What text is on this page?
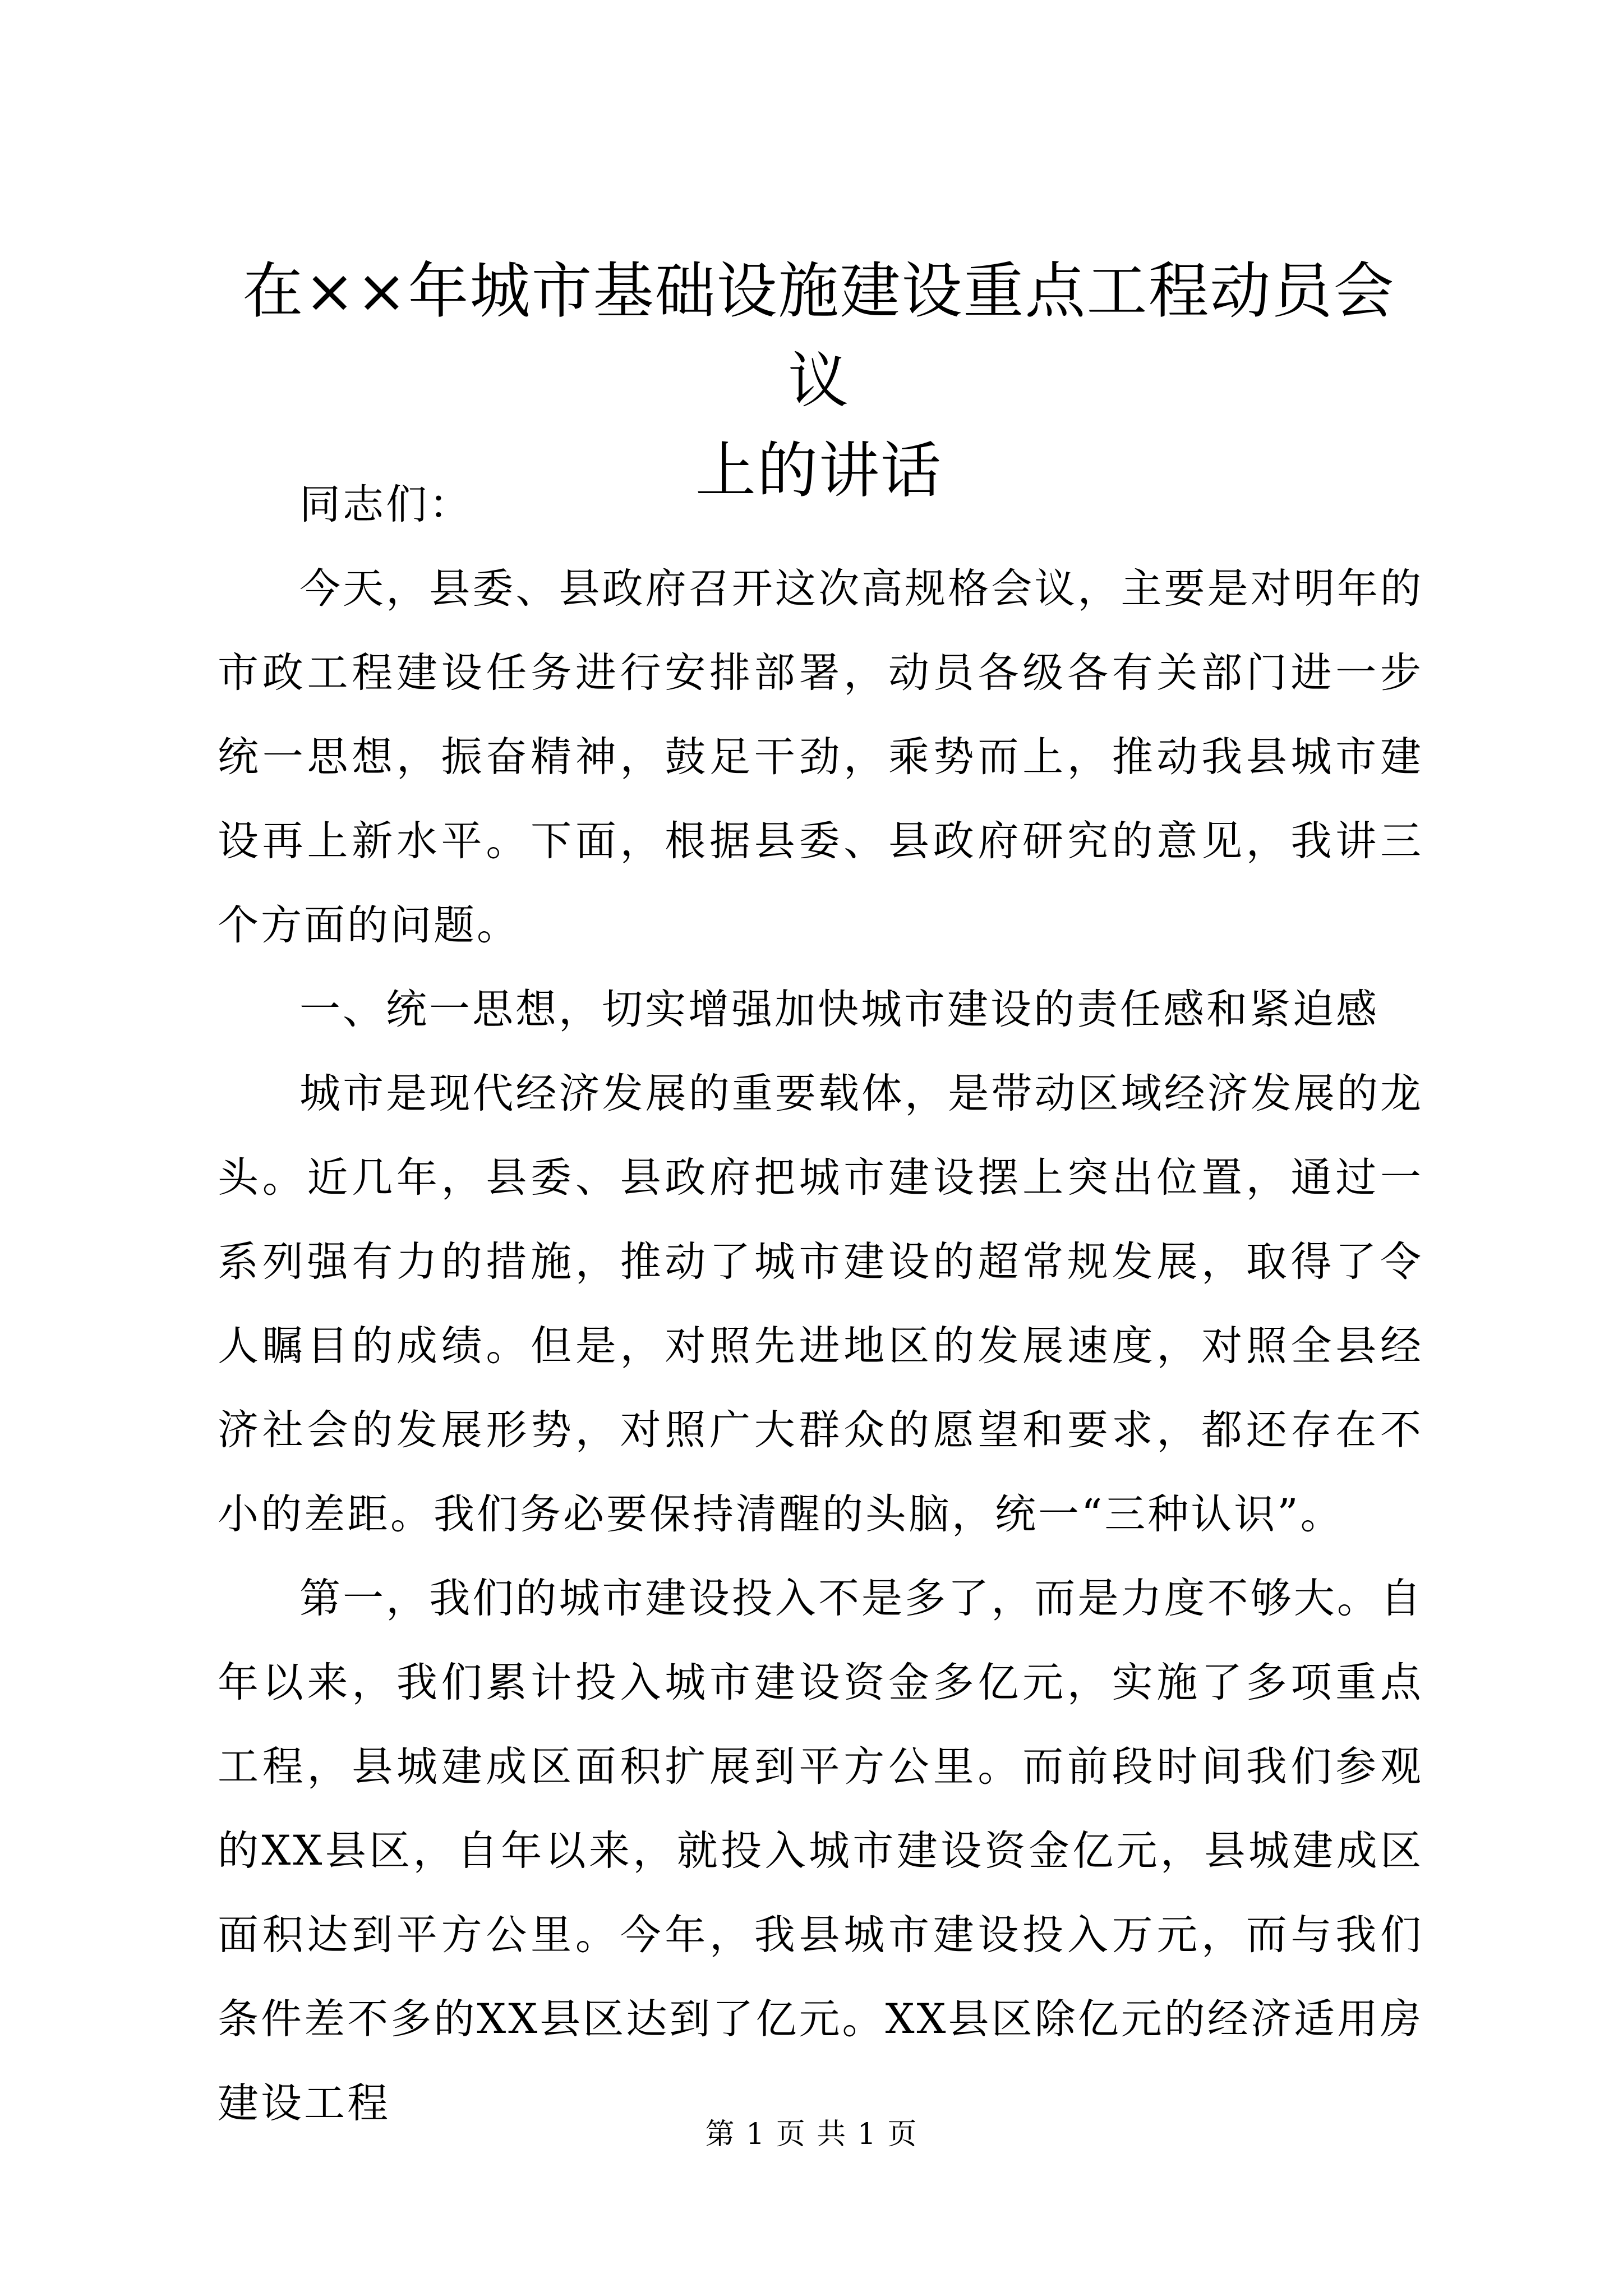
在××年城市基础设施建设重点工程动员会议
上的讲话

同志们：

今天，县委、县政府召开这次高规格会议，主要是对明年的市政工程建设任务进行安排部署，动员各级各有关部门进一步统一思想，振奋精神，鼓足干劲，乘势而上，推动我县城市建设再上新水平。下面，根据县委、县政府研究的意见，我讲三个方面的问题。

一、统一思想，切实增强加快城市建设的责任感和紧迫感

城市是现代经济发展的重要载体，是带动区域经济发展的龙头。近几年，县委、县政府把城市建设摆上突出位置，通过一系列强有力的措施，推动了城市建设的超常规发展，取得了令人瞩目的成绩。但是，对照先进地区的发展速度，对照全县经济社会的发展形势，对照广大群众的愿望和要求，都还存在不小的差距。我们务必要保持清醒的头脑，统一“三种认识”。

第一，我们的城市建设投入不是多了，而是力度不够大。自年以来，我们累计投入城市建设资金多亿元，实施了多项重点工程，县城建成区面积扩展到平方公里。而前段时间我们参观的XX县区，自年以来，就投入城市建设资金亿元，县城建成区面积达到平方公里。今年，我县城市建设投入万元，而与我们条件差不多的XX县区达到了亿元。XX县区除亿元的经济适用房建设工程

第 1 页 共 1 页
